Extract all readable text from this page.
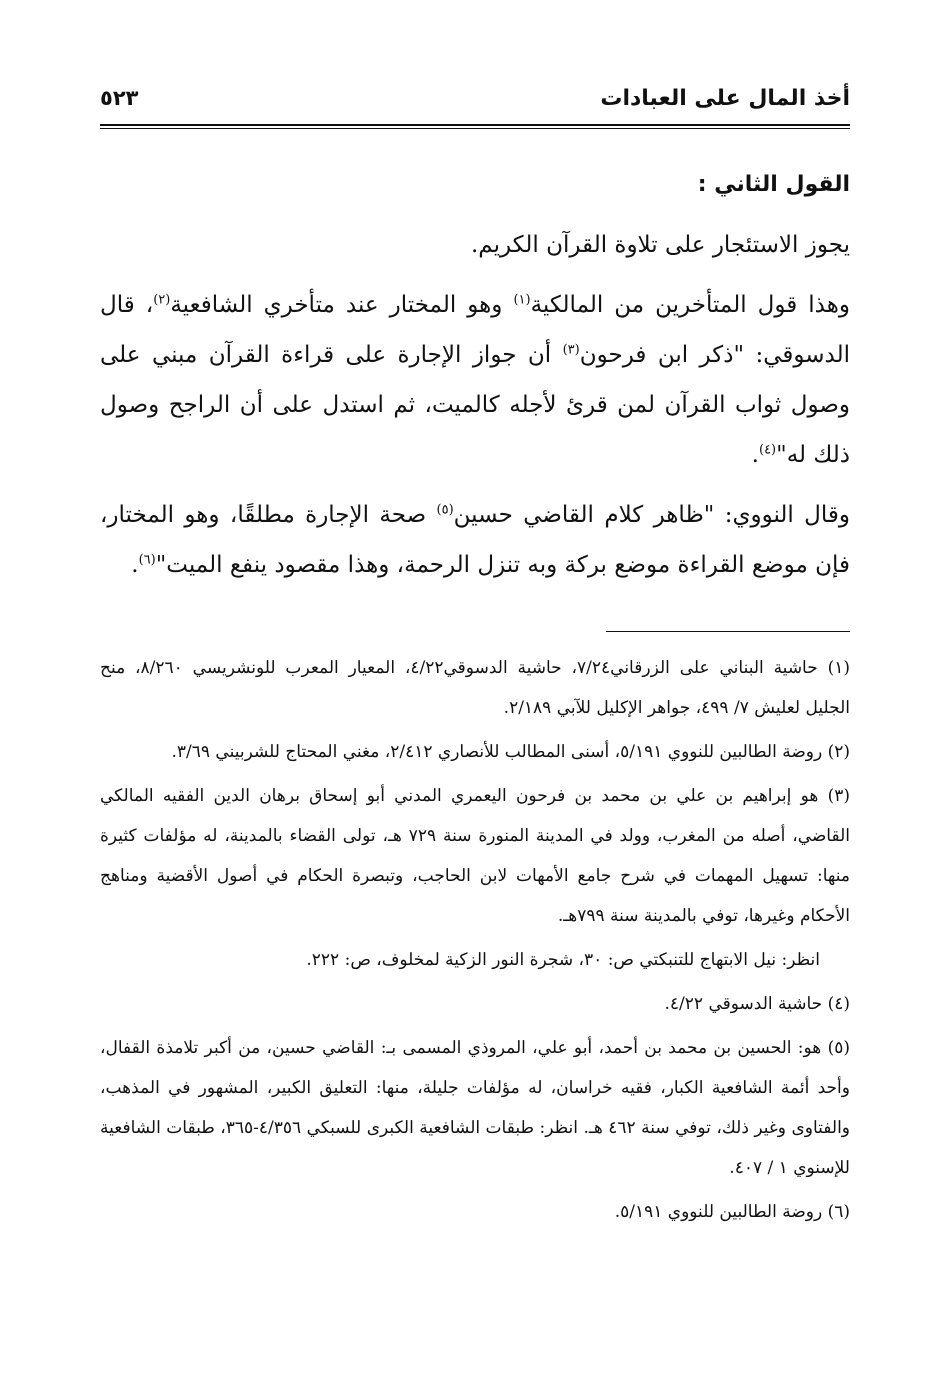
أخذ المال على العبادات
٥٢٣
القول الثاني :
يجوز الاستئجار على تلاوة القرآن الكريم.
وهذا قول المتأخرين من المالكية$^{(١)}$ وهو المختار عند متأخري الشافعية$^{(٢)}$، قال الدسوقي: "ذكر ابن فرحون$^{(٣)}$ أن جواز الإجارة على قراءة القرآن مبني على وصول ثواب القرآن لمن قرئ لأجله كالميت، ثم استدل على أن الراجح وصول ذلك له"$^{(٤)}$.
وقال النووي: "ظاهر كلام القاضي حسين$^{(٥)}$ صحة الإجارة مطلقًا، وهو المختار، فإن موضع القراءة موضع بركة وبه تنزل الرحمة، وهذا مقصود ينفع الميت"$^{(٦)}$.
(١) حاشية البناني على الزرقاني٧/٢٤، حاشية الدسوقي٤/٢٢، المعيار المعرب للونشريسي ٨/٢٦٠، منح الجليل لعليش ٧/ ٤٩٩، جواهر الإكليل للآبي ٢/١٨٩.
(٢) روضة الطالبين للنووي ٥/١٩١، أسنى المطالب للأنصاري ٢/٤١٢، مغني المحتاج للشربيني ٣/٦٩.
(٣) هو إبراهيم بن علي بن محمد بن فرحون اليعمري المدني أبو إسحاق برهان الدين الفقيه المالكي القاضي، أصله من المغرب، وولد في المدينة المنورة سنة ٧٢٩ هـ، تولى القضاء بالمدينة، له مؤلفات كثيرة منها: تسهيل المهمات في شرح جامع الأمهات لابن الحاجب، وتبصرة الحكام في أصول الأقضية ومناهج الأحكام وغيرها، توفي بالمدينة سنة ٧٩٩هـ.
انظر: نيل الابتهاج للتنبكتي ص: ٣٠، شجرة النور الزكية لمخلوف، ص: ٢٢٢.
(٤) حاشية الدسوقي ٤/٢٢.
(٥) هو: الحسين بن محمد بن أحمد، أبو علي، المروذي المسمى بـ: القاضي حسين، من أكبر تلامذة القفال، وأحد أئمة الشافعية الكبار، فقيه خراسان، له مؤلفات جليلة، منها: التعليق الكبير، المشهور في المذهب، والفتاوى وغير ذلك، توفي سنة ٤٦٢ هـ. انظر: طبقات الشافعية الكبرى للسبكي ٤/٣٥٦-٣٦٥، طبقات الشافعية للإسنوي ١ / ٤٠٧.
(٦) روضة الطالبين للنووي ٥/١٩١.
